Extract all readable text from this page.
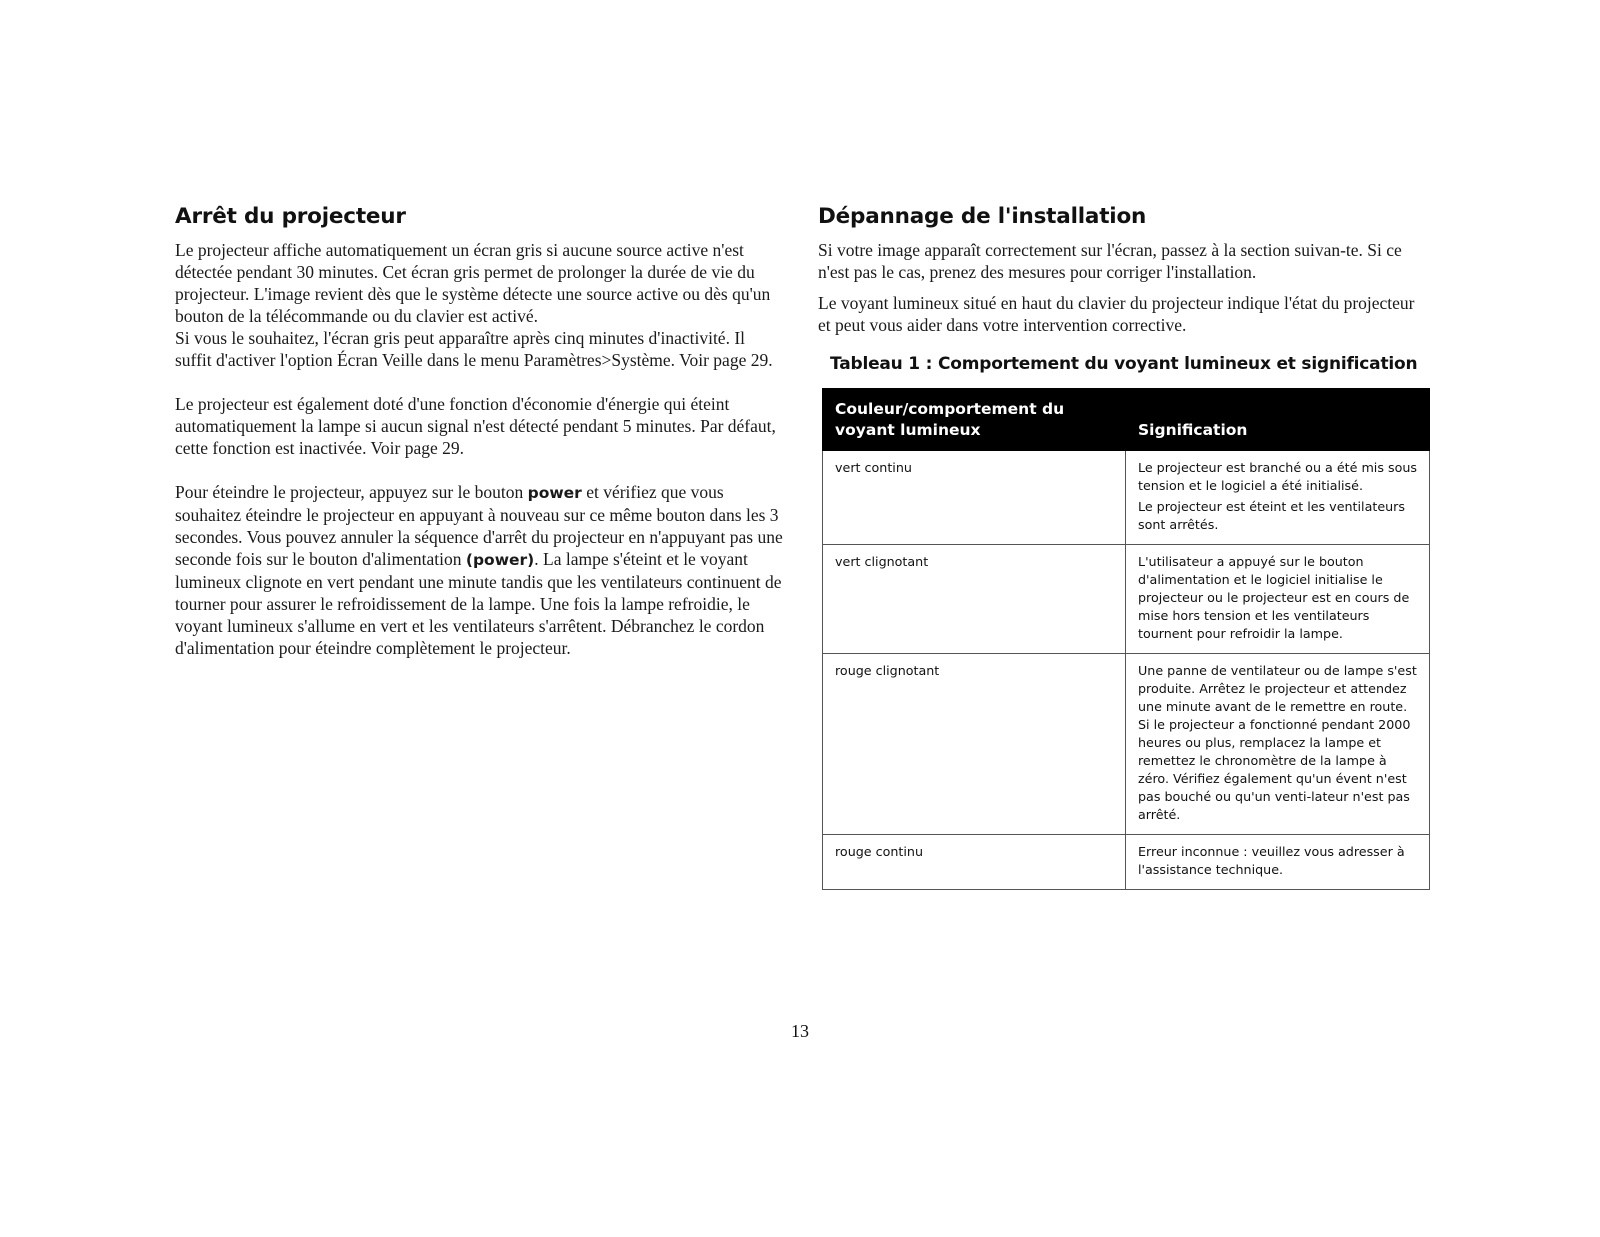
Arrêt du projecteur

Le projecteur affiche automatiquement un écran gris si aucune source active n'est détectée pendant 30 minutes. Cet écran gris permet de prolonger la durée de vie du projecteur. L'image revient dès que le système détecte une source active ou dès qu'un bouton de la télécommande ou du clavier est activé.

Si vous le souhaitez, l'écran gris peut apparaître après cinq minutes d'inactivité. Il suffit d'activer l'option Écran Veille dans le menu Paramètres>Système. Voir page 29.

Le projecteur est également doté d'une fonction d'économie d'énergie qui éteint automatiquement la lampe si aucun signal n'est détecté pendant 5 minutes. Par défaut, cette fonction est inactivée. Voir page 29.

Pour éteindre le projecteur, appuyez sur le bouton power et vérifiez que vous souhaitez éteindre le projecteur en appuyant à nouveau sur ce même bouton dans les 3 secondes. Vous pouvez annuler la séquence d'arrêt du projecteur en n'appuyant pas une seconde fois sur le bouton d'alimentation (power). La lampe s'éteint et le voyant lumineux clignote en vert pendant une minute tandis que les ventilateurs continuent de tourner pour assurer le refroidissement de la lampe. Une fois la lampe refroidie, le voyant lumineux s'allume en vert et les ventilateurs s'arrêtent. Débranchez le cordon d'alimentation pour éteindre complètement le projecteur.

Dépannage de l'installation

Si votre image apparaît correctement sur l'écran, passez à la section suivan-te. Si ce n'est pas le cas, prenez des mesures pour corriger l'installation.

Le voyant lumineux situé en haut du clavier du projecteur indique l'état du projecteur et peut vous aider dans votre intervention corrective.

Tableau 1 : Comportement du voyant lumineux et signification
Couleur/comportement du voyant lumineux	Signification
vert continu	Le projecteur est branché ou a été mis sous tension et le logiciel a été initialisé.
Le projecteur est éteint et les ventilateurs sont arrêtés.

vert clignotant	L'utilisateur a appuyé sur le bouton d'alimentation et le logiciel initialise le projecteur ou le projecteur est en cours de mise hors tension et les ventilateurs tournent pour refroidir la lampe.
rouge clignotant	Une panne de ventilateur ou de lampe s'est produite. Arrêtez le projecteur et attendez une minute avant de le remettre en route. Si le projecteur a fonctionné pendant 2000 heures ou plus, remplacez la lampe et remettez le chronomètre de la lampe à zéro. Vérifiez également qu'un évent n'est pas bouché ou qu'un venti-lateur n'est pas arrêté.
rouge continu	Erreur inconnue : veuillez vous adresser à l'assistance technique.
13
